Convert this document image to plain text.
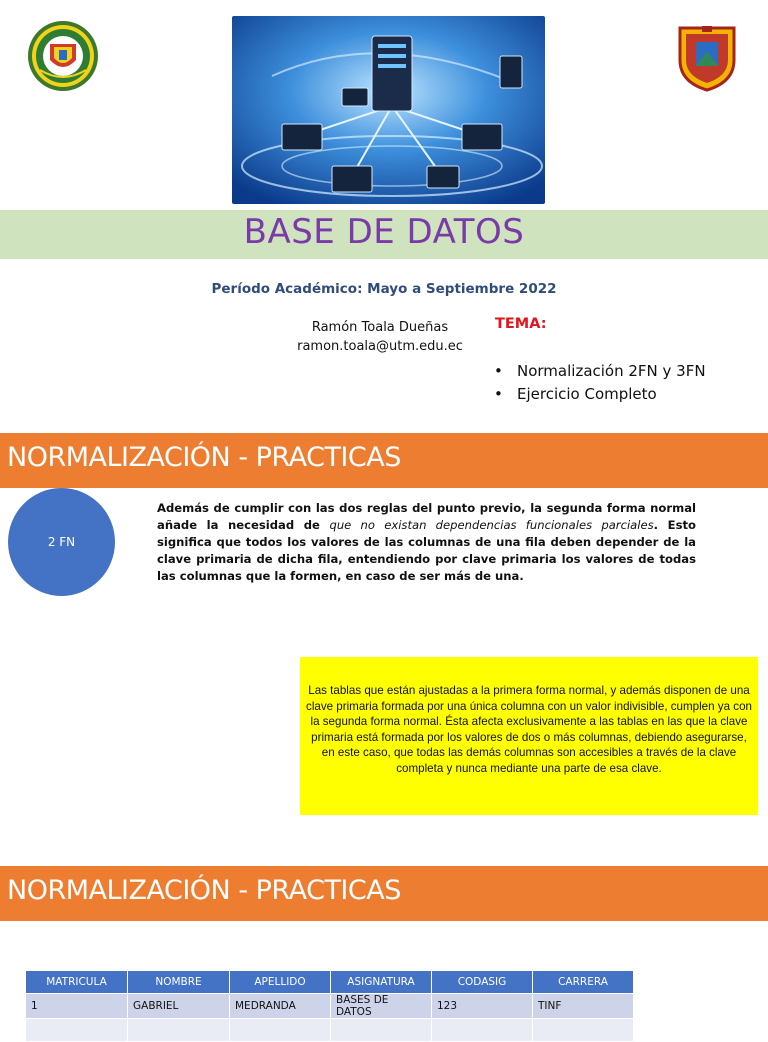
BASE DE DATOS
Período Académico: Mayo a Septiembre 2022
Ramón Toala Dueñas
ramon.toala@utm.edu.ec
TEMA:
• Normalización 2FN y 3FN
• Ejercicio Completo
NORMALIZACIÓN - PRACTICAS
2 FN
Además de cumplir con las dos reglas del punto previo, la segunda forma normal añade la necesidad de que no existan dependencias funcionales parciales. Esto significa que todos los valores de las columnas de una fila deben depender de la clave primaria de dicha fila, entendiendo por clave primaria los valores de todas las columnas que la formen, en caso de ser más de una.
Las tablas que están ajustadas a la primera forma normal, y además disponen de una clave primaria formada por una única columna con un valor indivisible, cumplen ya con la segunda forma normal. Ésta afecta exclusivamente a las tablas en las que la clave primaria está formada por los valores de dos o más columnas, debiendo asegurarse, en este caso, que todas las demás columnas son accesibles a través de la clave completa y nunca mediante una parte de esa clave.
NORMALIZACIÓN - PRACTICAS
MATRICULA	NOMBRE	APELLIDO	ASIGNATURA	CODASIG	CARRERA
1	GABRIEL	MEDRANDA	BASES DE DATOS	123	TINF
